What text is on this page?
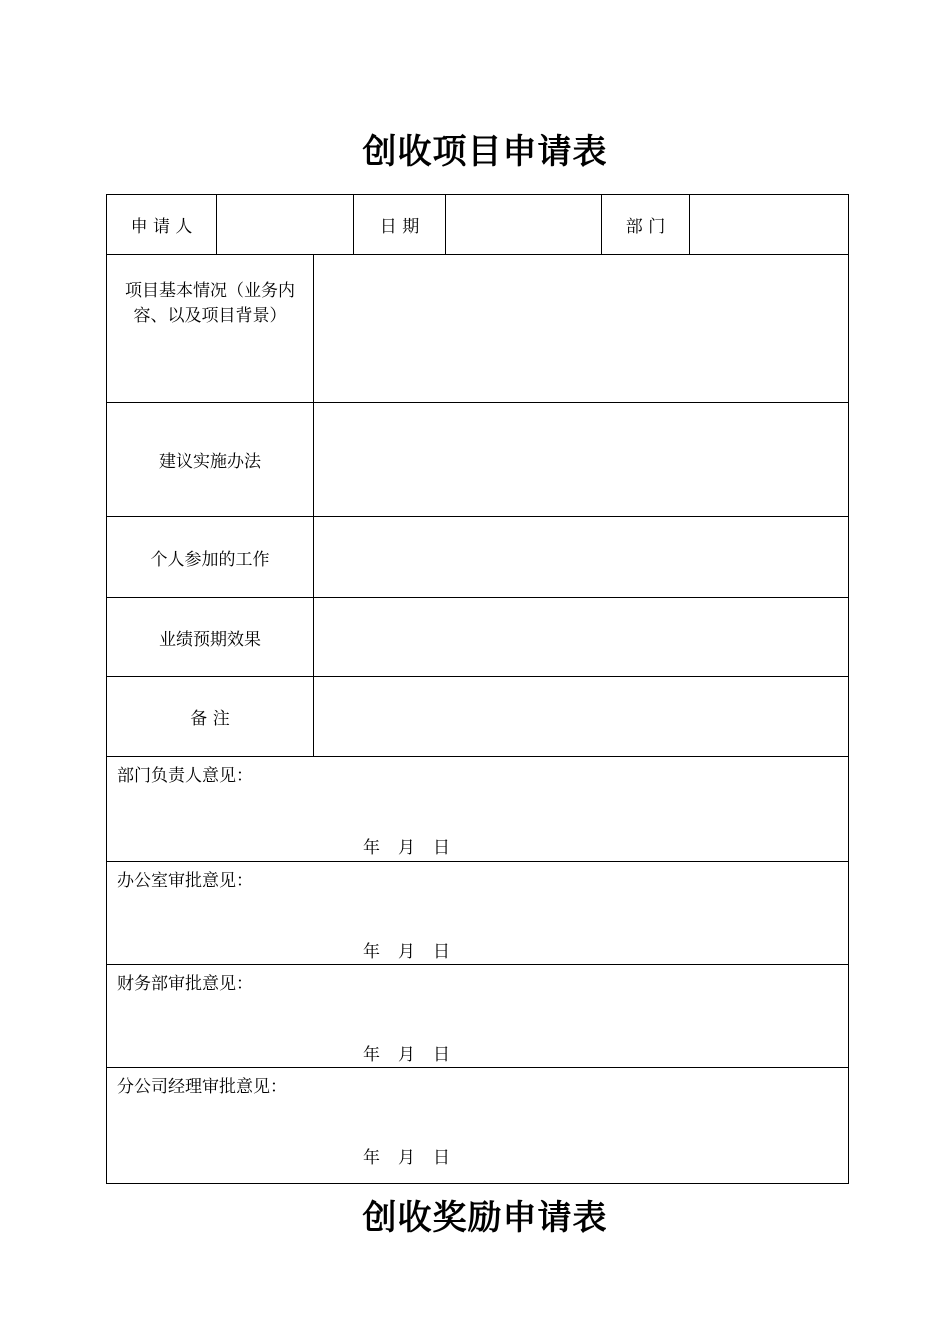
创收项目申请表
申 请 人	日 期	部 门
项目基本情况（业务内容、以及项目背景）
建议实施办法
个人参加的工作
业绩预期效果
备 注
部门负责人意见：
年 月 日
办公室审批意见：
年 月 日
财务部审批意见：
年 月 日
分公司经理审批意见：
年 月 日
创收奖励申请表
